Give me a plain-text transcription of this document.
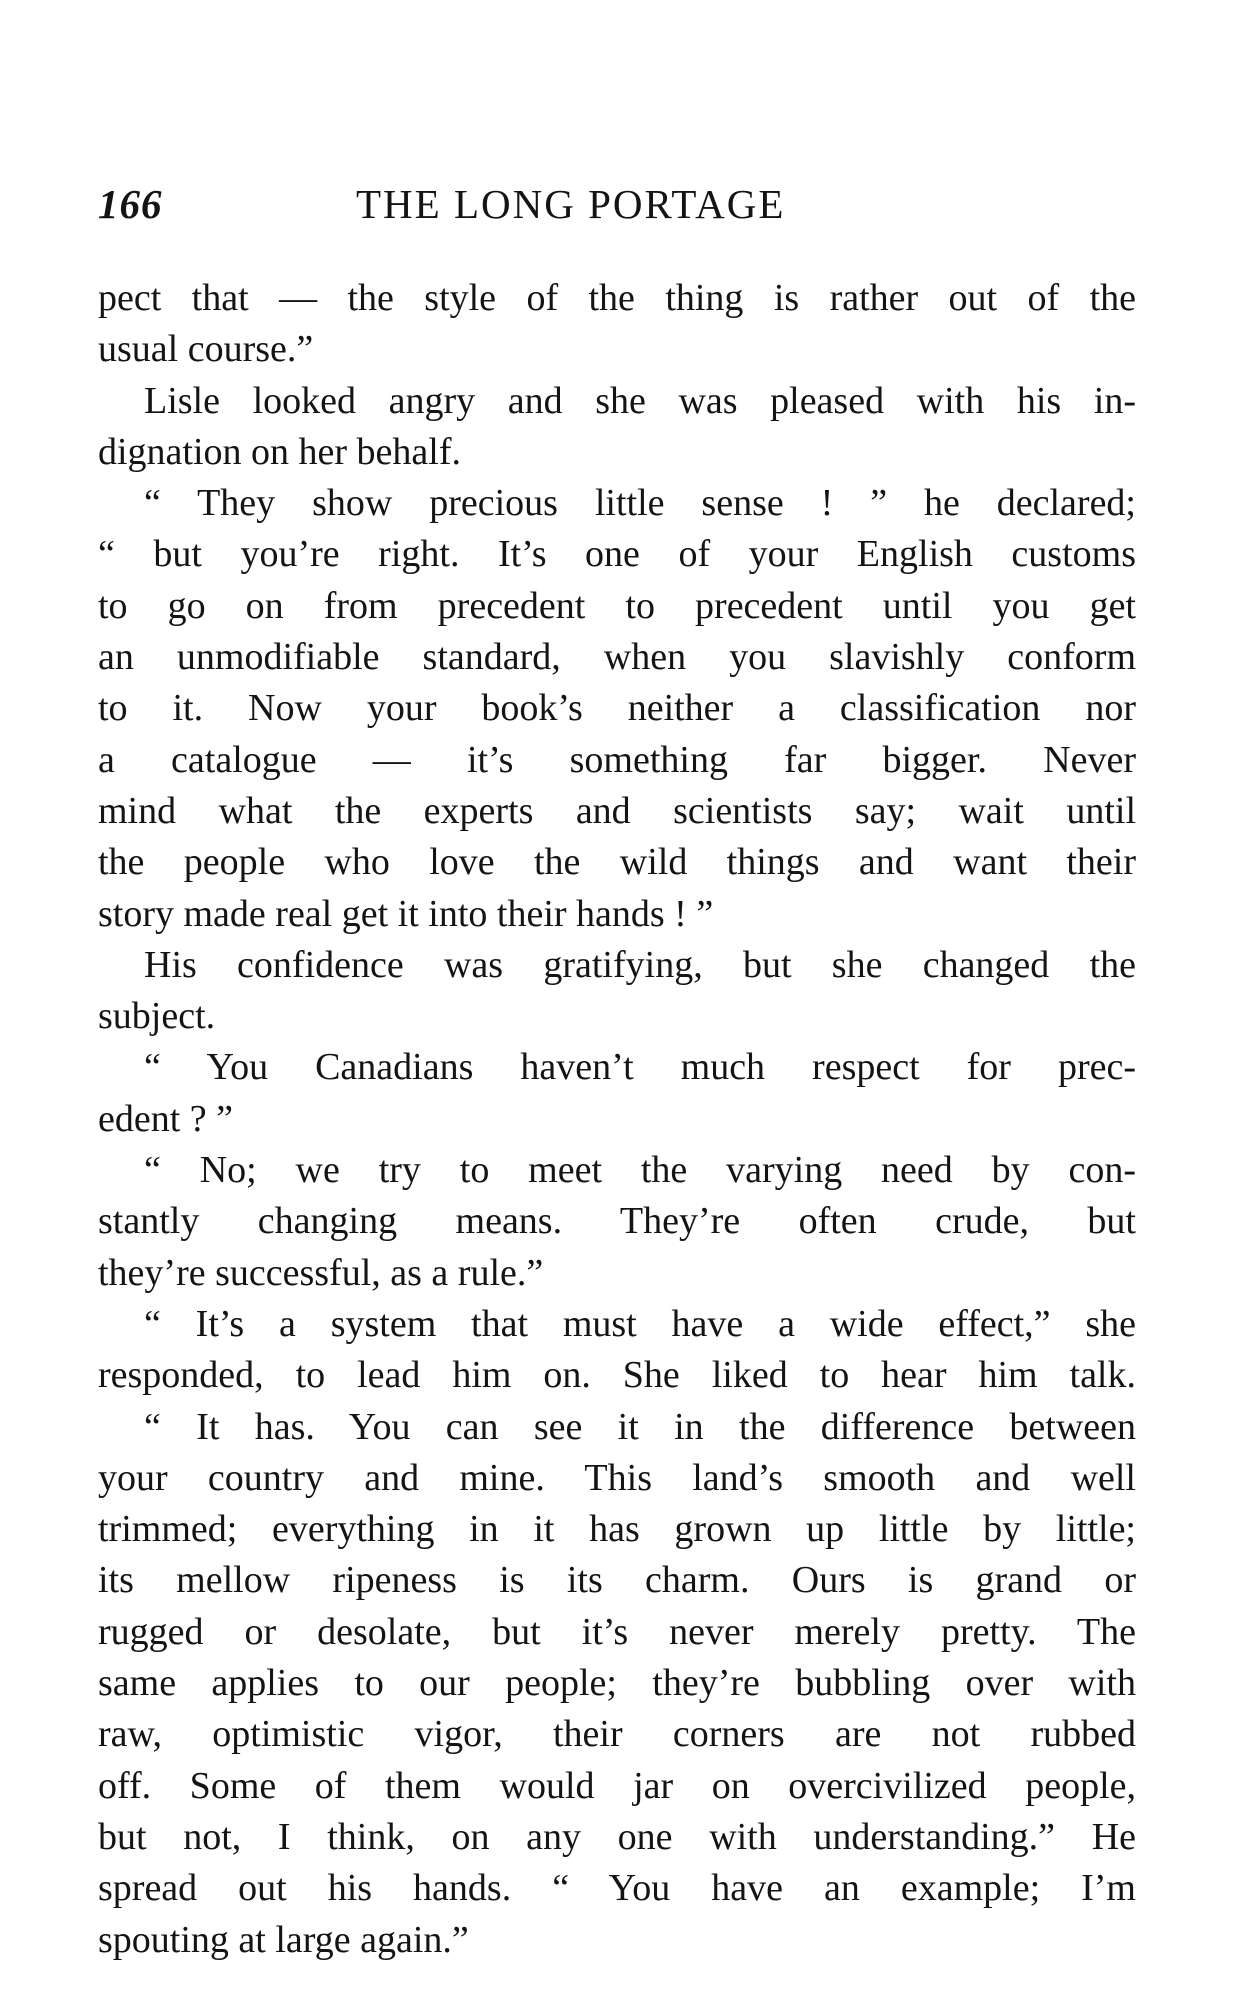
166	THE LONG PORTAGE
pect that — the style of the thing is rather out of the
usual course.”
Lisle looked angry and she was pleased with his in-
dignation on her behalf.
“ They show precious little sense ! ” he declared;
“ but you’re right. It’s one of your English customs
to go on from precedent to precedent until you get
an unmodifiable standard, when you slavishly conform
to it. Now your book’s neither a classification nor
a catalogue — it’s something far bigger. Never
mind what the experts and scientists say; wait until
the people who love the wild things and want their
story made real get it into their hands ! ”
His confidence was gratifying, but she changed the
subject.
“ You Canadians haven’t much respect for prec-
edent ? ”
“ No; we try to meet the varying need by con-
stantly changing means. They’re often crude, but
they’re successful, as a rule.”
“ It’s a system that must have a wide effect,” she
responded, to lead him on. She liked to hear him talk.
“ It has. You can see it in the difference between
your country and mine. This land’s smooth and well
trimmed; everything in it has grown up little by little;
its mellow ripeness is its charm. Ours is grand or
rugged or desolate, but it’s never merely pretty. The
same applies to our people; they’re bubbling over with
raw, optimistic vigor, their corners are not rubbed
off. Some of them would jar on overcivilized people,
but not, I think, on any one with understanding.” He
spread out his hands. “ You have an example; I’m
spouting at large again.”
